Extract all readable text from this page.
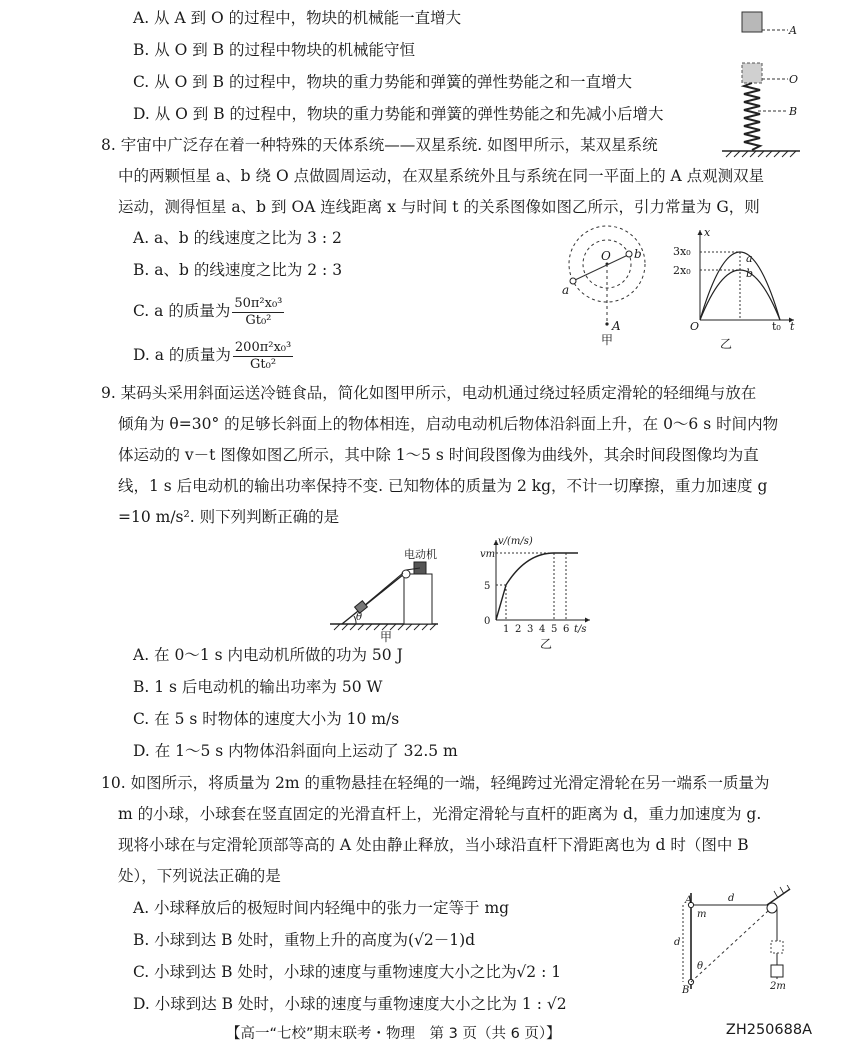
A. 从 A 到 O 的过程中，物块的机械能一直增大
B. 从 O 到 B 的过程中物块的机械能守恒
C. 从 O 到 B 的过程中，物块的重力势能和弹簧的弹性势能之和一直增大
D. 从 O 到 B 的过程中，物块的重力势能和弹簧的弹性势能之和先减小后增大
A
O
B
8. 宇宙中广泛存在着一种特殊的天体系统——双星系统. 如图甲所示，某双星系统
中的两颗恒星 a、b 绕 O 点做圆周运动，在双星系统外且与系统在同一平面上的 A 点观测双星
运动，测得恒星 a、b 到 OA 连线距离 x 与时间 t 的关系图像如图乙所示，引力常量为 G，则
A. a、b 的线速度之比为 3 : 2
B. a、b 的线速度之比为 2 : 3
C. a 的质量为 $\frac{\text{50π²x₀³}}{\text{Gt₀²}}$
D. a 的质量为 $\frac{\text{200π²x₀³}}{\text{Gt₀²}}$
O b
a
A
甲
x
3x₀
2x₀
a
b
O	t₀ t
乙
9. 某码头采用斜面运送冷链食品，简化如图甲所示，电动机通过绕过轻质定滑轮的轻细绳与放在
倾角为 θ=30° 的足够长斜面上的物体相连，启动电动机后物体沿斜面上升，在 0～6 s 时间内物
体运动的 v－t 图像如图乙所示，其中除 1～5 s 时间段图像为曲线外，其余时间段图像均为直
线，1 s 后电动机的输出功率保持不变. 已知物体的质量为 2 kg，不计一切摩擦，重力加速度 g
=10 m/s². 则下列判断正确的是
θ
电动机
甲
v/(m/s)
vm
5
0
1 2 3 4 5 6 t/s
乙
A. 在 0～1 s 内电动机所做的功为 50 J
B. 1 s 后电动机的输出功率为 50 W
C. 在 5 s 时物体的速度大小为 10 m/s
D. 在 1～5 s 内物体沿斜面向上运动了 32.5 m
10. 如图所示，将质量为 2m 的重物悬挂在轻绳的一端，轻绳跨过光滑定滑轮在另一端系一质量为
m 的小球，小球套在竖直固定的光滑直杆上，光滑定滑轮与直杆的距离为 d，重力加速度为 g.
现将小球在与定滑轮顶部等高的 A 处由静止释放，当小球沿直杆下滑距离也为 d 时（图中 B
处），下列说法正确的是
A. 小球释放后的极短时间内轻绳中的张力一定等于 mg
B. 小球到达 B 处时，重物上升的高度为(√2－1)d
C. 小球到达 B 处时，小球的速度与重物速度大小之比为√2 : 1
D. 小球到达 B 处时，小球的速度与重物速度大小之比为 1 : √2
A
m
d
d
θ
B	2m
【高一“七校”期末联考・物理　第 3 页（共 6 页）】	ZH250688A
